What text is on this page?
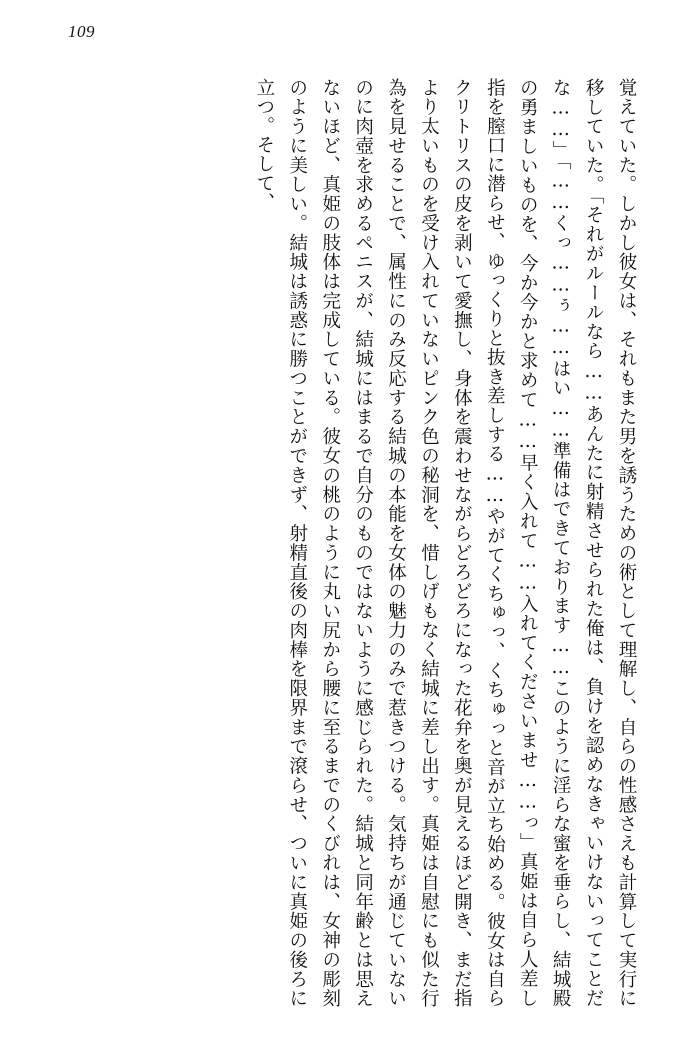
109

覚えていた。しかし彼女は、それもまた男を誘うための術として理解し、自らの性感さえも計算して実行に移していた。「それがルールなら……あんたに射精させられた俺は、負けを認めなきゃいけないってことだな……」「……くっ……ぅ……はい……準備はできております……このように淫らな蜜を垂らし、結城殿の勇ましいものを、今か今かと求めて……早く入れて……入れてくださいませ……っ」真姫は自ら人差し指を膣口に潜らせ、ゆっくりと抜き差しする……やがてくちゅっ、くちゅっと音が立ち始める。彼女は自らクリトリスの皮を剥いて愛撫し、身体を震わせながらどろどろになった花弁を奥が見えるほど開き、まだ指より太いものを受け入れていないピンク色の秘洞を、惜しげもなく結城に差し出す。真姫は自慰にも似た行為を見せることで、属性にのみ反応する結城の本能を女体の魅力のみで惹きつける。気持ちが通じていないのに肉壺を求めるペニスが、結城にはまるで自分のものではないように感じられた。結城と同年齢とは思えないほど、真姫の肢体は完成している。彼女の桃のように丸い尻から腰に至るまでのくびれは、女神の彫刻のように美しい。結城は誘惑に勝つことができず、射精直後の肉棒を限界まで滾らせ、ついに真姫の後ろに立つ。そして、
